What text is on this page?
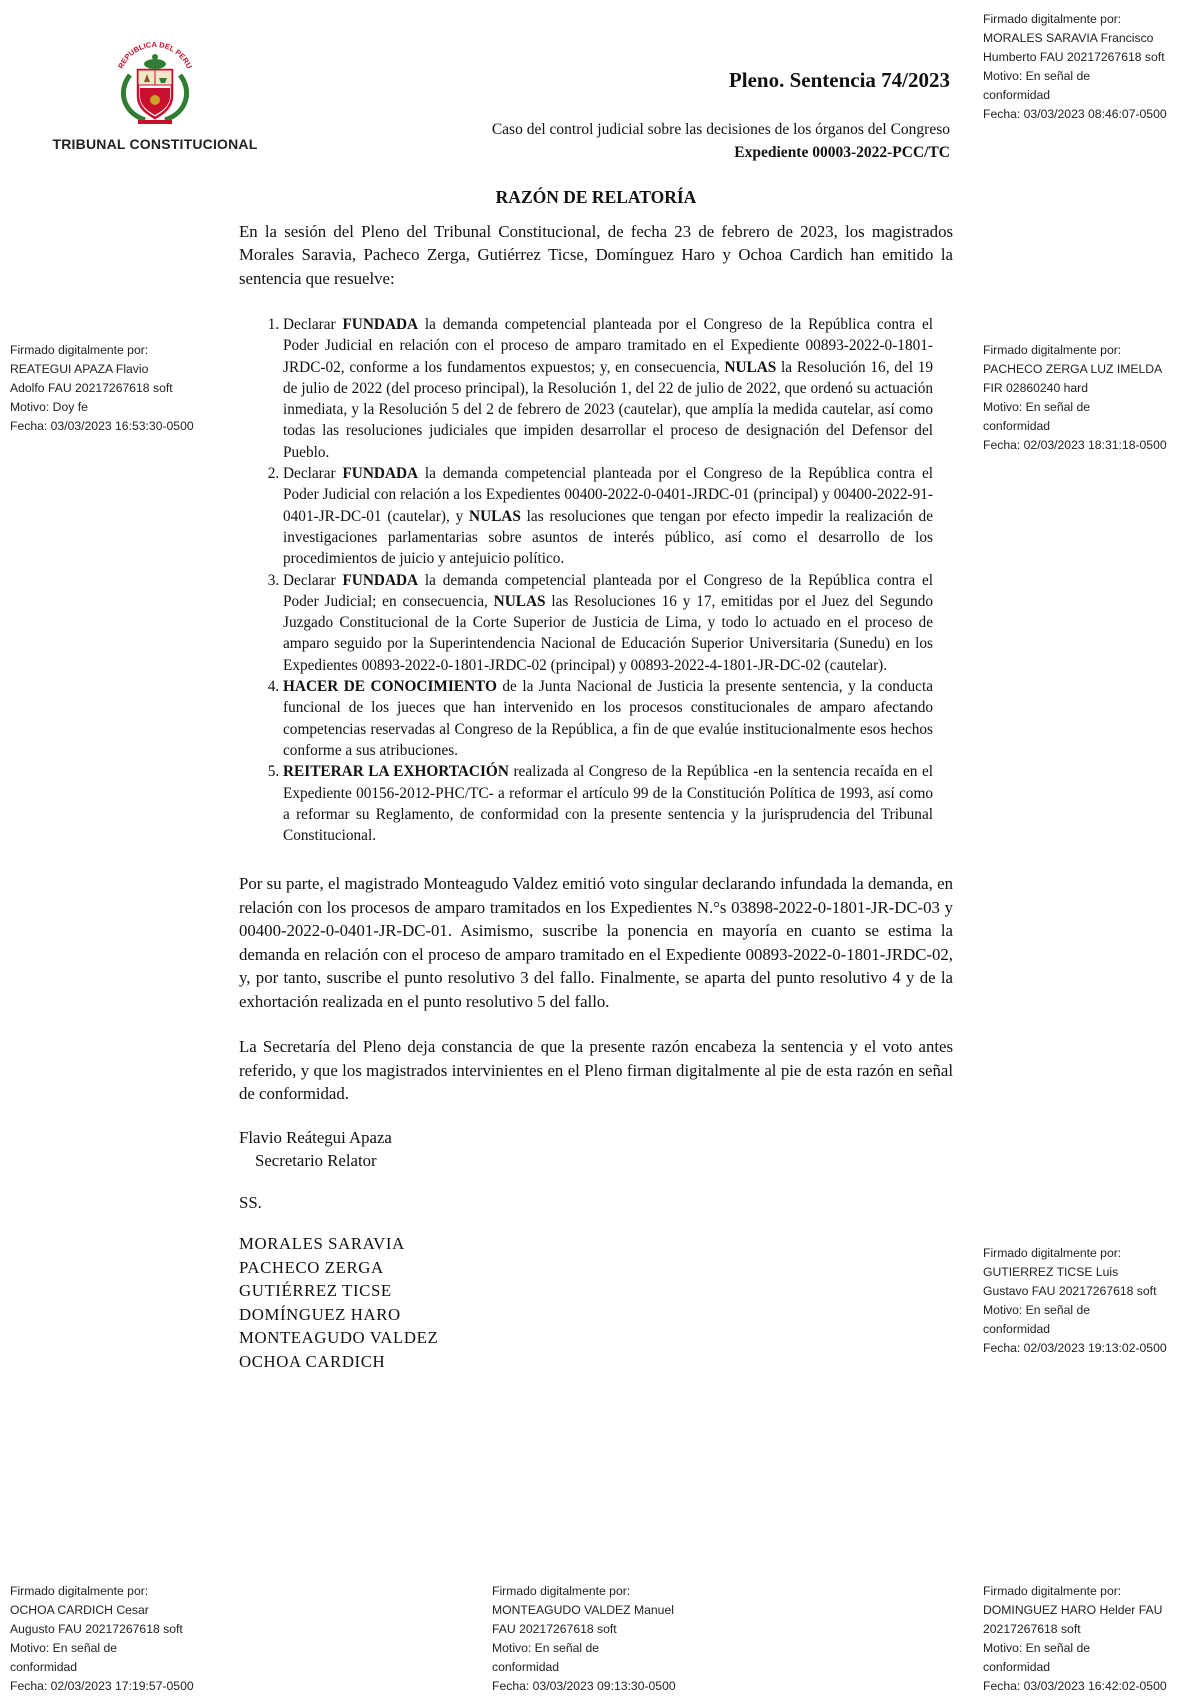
REPUBLICA DEL PERU
TRIBUNAL CONSTITUCIONAL
Pleno. Sentencia 74/2023
Caso del control judicial sobre las decisiones de los órganos del Congreso
Expediente 00003-2022-PCC/TC
Firmado digitalmente por:
MORALES SARAVIA Francisco
Humberto FAU 20217267618 soft
Motivo: En señal de
conformidad
Fecha: 03/03/2023 08:46:07-0500
Firmado digitalmente por:
REATEGUI APAZA Flavio
Adolfo FAU 20217267618 soft
Motivo: Doy fe
Fecha: 03/03/2023 16:53:30-0500
Firmado digitalmente por:
PACHECO ZERGA LUZ IMELDA
FIR 02860240 hard
Motivo: En señal de
conformidad
Fecha: 02/03/2023 18:31:18-0500
Firmado digitalmente por:
GUTIERREZ TICSE Luis
Gustavo FAU 20217267618 soft
Motivo: En señal de
conformidad
Fecha: 02/03/2023 19:13:02-0500
Firmado digitalmente por:
OCHOA CARDICH Cesar
Augusto FAU 20217267618 soft
Motivo: En señal de
conformidad
Fecha: 02/03/2023 17:19:57-0500
Firmado digitalmente por:
MONTEAGUDO VALDEZ Manuel
FAU 20217267618 soft
Motivo: En señal de
conformidad
Fecha: 03/03/2023 09:13:30-0500
Firmado digitalmente por:
DOMINGUEZ HARO Helder FAU
20217267618 soft
Motivo: En señal de
conformidad
Fecha: 03/03/2023 16:42:02-0500
RAZÓN DE RELATORÍA

En la sesión del Pleno del Tribunal Constitucional, de fecha 23 de febrero de 2023, los magistrados Morales Saravia, Pacheco Zerga, Gutiérrez Ticse, Domínguez Haro y Ochoa Cardich han emitido la sentencia que resuelve:

1. Declarar FUNDADA la demanda competencial planteada por el Congreso de la República contra el Poder Judicial en relación con el proceso de amparo tramitado en el Expediente 00893-2022-0-1801-JRDC-02, conforme a los fundamentos expuestos; y, en consecuencia, NULAS la Resolución 16, del 19 de julio de 2022 (del proceso principal), la Resolución 1, del 22 de julio de 2022, que ordenó su actuación inmediata, y la Resolución 5 del 2 de febrero de 2023 (cautelar), que amplía la medida cautelar, así como todas las resoluciones judiciales que impiden desarrollar el proceso de designación del Defensor del Pueblo.
2. Declarar FUNDADA la demanda competencial planteada por el Congreso de la República contra el Poder Judicial con relación a los Expedientes 00400-2022-0-0401-JRDC-01 (principal) y 00400-2022-91-0401-JR-DC-01 (cautelar), y NULAS las resoluciones que tengan por efecto impedir la realización de investigaciones parlamentarias sobre asuntos de interés público, así como el desarrollo de los procedimientos de juicio y antejuicio político.
3. Declarar FUNDADA la demanda competencial planteada por el Congreso de la República contra el Poder Judicial; en consecuencia, NULAS las Resoluciones 16 y 17, emitidas por el Juez del Segundo Juzgado Constitucional de la Corte Superior de Justicia de Lima, y todo lo actuado en el proceso de amparo seguido por la Superintendencia Nacional de Educación Superior Universitaria (Sunedu) en los Expedientes 00893-2022-0-1801-JRDC-02 (principal) y 00893-2022-4-1801-JR-DC-02 (cautelar).
4. HACER DE CONOCIMIENTO de la Junta Nacional de Justicia la presente sentencia, y la conducta funcional de los jueces que han intervenido en los procesos constitucionales de amparo afectando competencias reservadas al Congreso de la República, a fin de que evalúe institucionalmente esos hechos conforme a sus atribuciones.
5. REITERAR LA EXHORTACIÓN realizada al Congreso de la República -en la sentencia recaída en el Expediente 00156-2012-PHC/TC- a reformar el artículo 99 de la Constitución Política de 1993, así como a reformar su Reglamento, de conformidad con la presente sentencia y la jurisprudencia del Tribunal Constitucional.

Por su parte, el magistrado Monteagudo Valdez emitió voto singular declarando infundada la demanda, en relación con los procesos de amparo tramitados en los Expedientes N.°s 03898-2022-0-1801-JR-DC-03 y 00400-2022-0-0401-JR-DC-01. Asimismo, suscribe la ponencia en mayoría en cuanto se estima la demanda en relación con el proceso de amparo tramitado en el Expediente 00893-2022-0-1801-JRDC-02, y, por tanto, suscribe el punto resolutivo 3 del fallo. Finalmente, se aparta del punto resolutivo 4 y de la exhortación realizada en el punto resolutivo 5 del fallo.

La Secretaría del Pleno deja constancia de que la presente razón encabeza la sentencia y el voto antes referido, y que los magistrados intervinientes en el Pleno firman digitalmente al pie de esta razón en señal de conformidad.

Flavio Reátegui Apaza
Secretario Relator
SS.
MORALES SARAVIA
PACHECO ZERGA
GUTIÉRREZ TICSE
DOMÍNGUEZ HARO
MONTEAGUDO VALDEZ
OCHOA CARDICH
